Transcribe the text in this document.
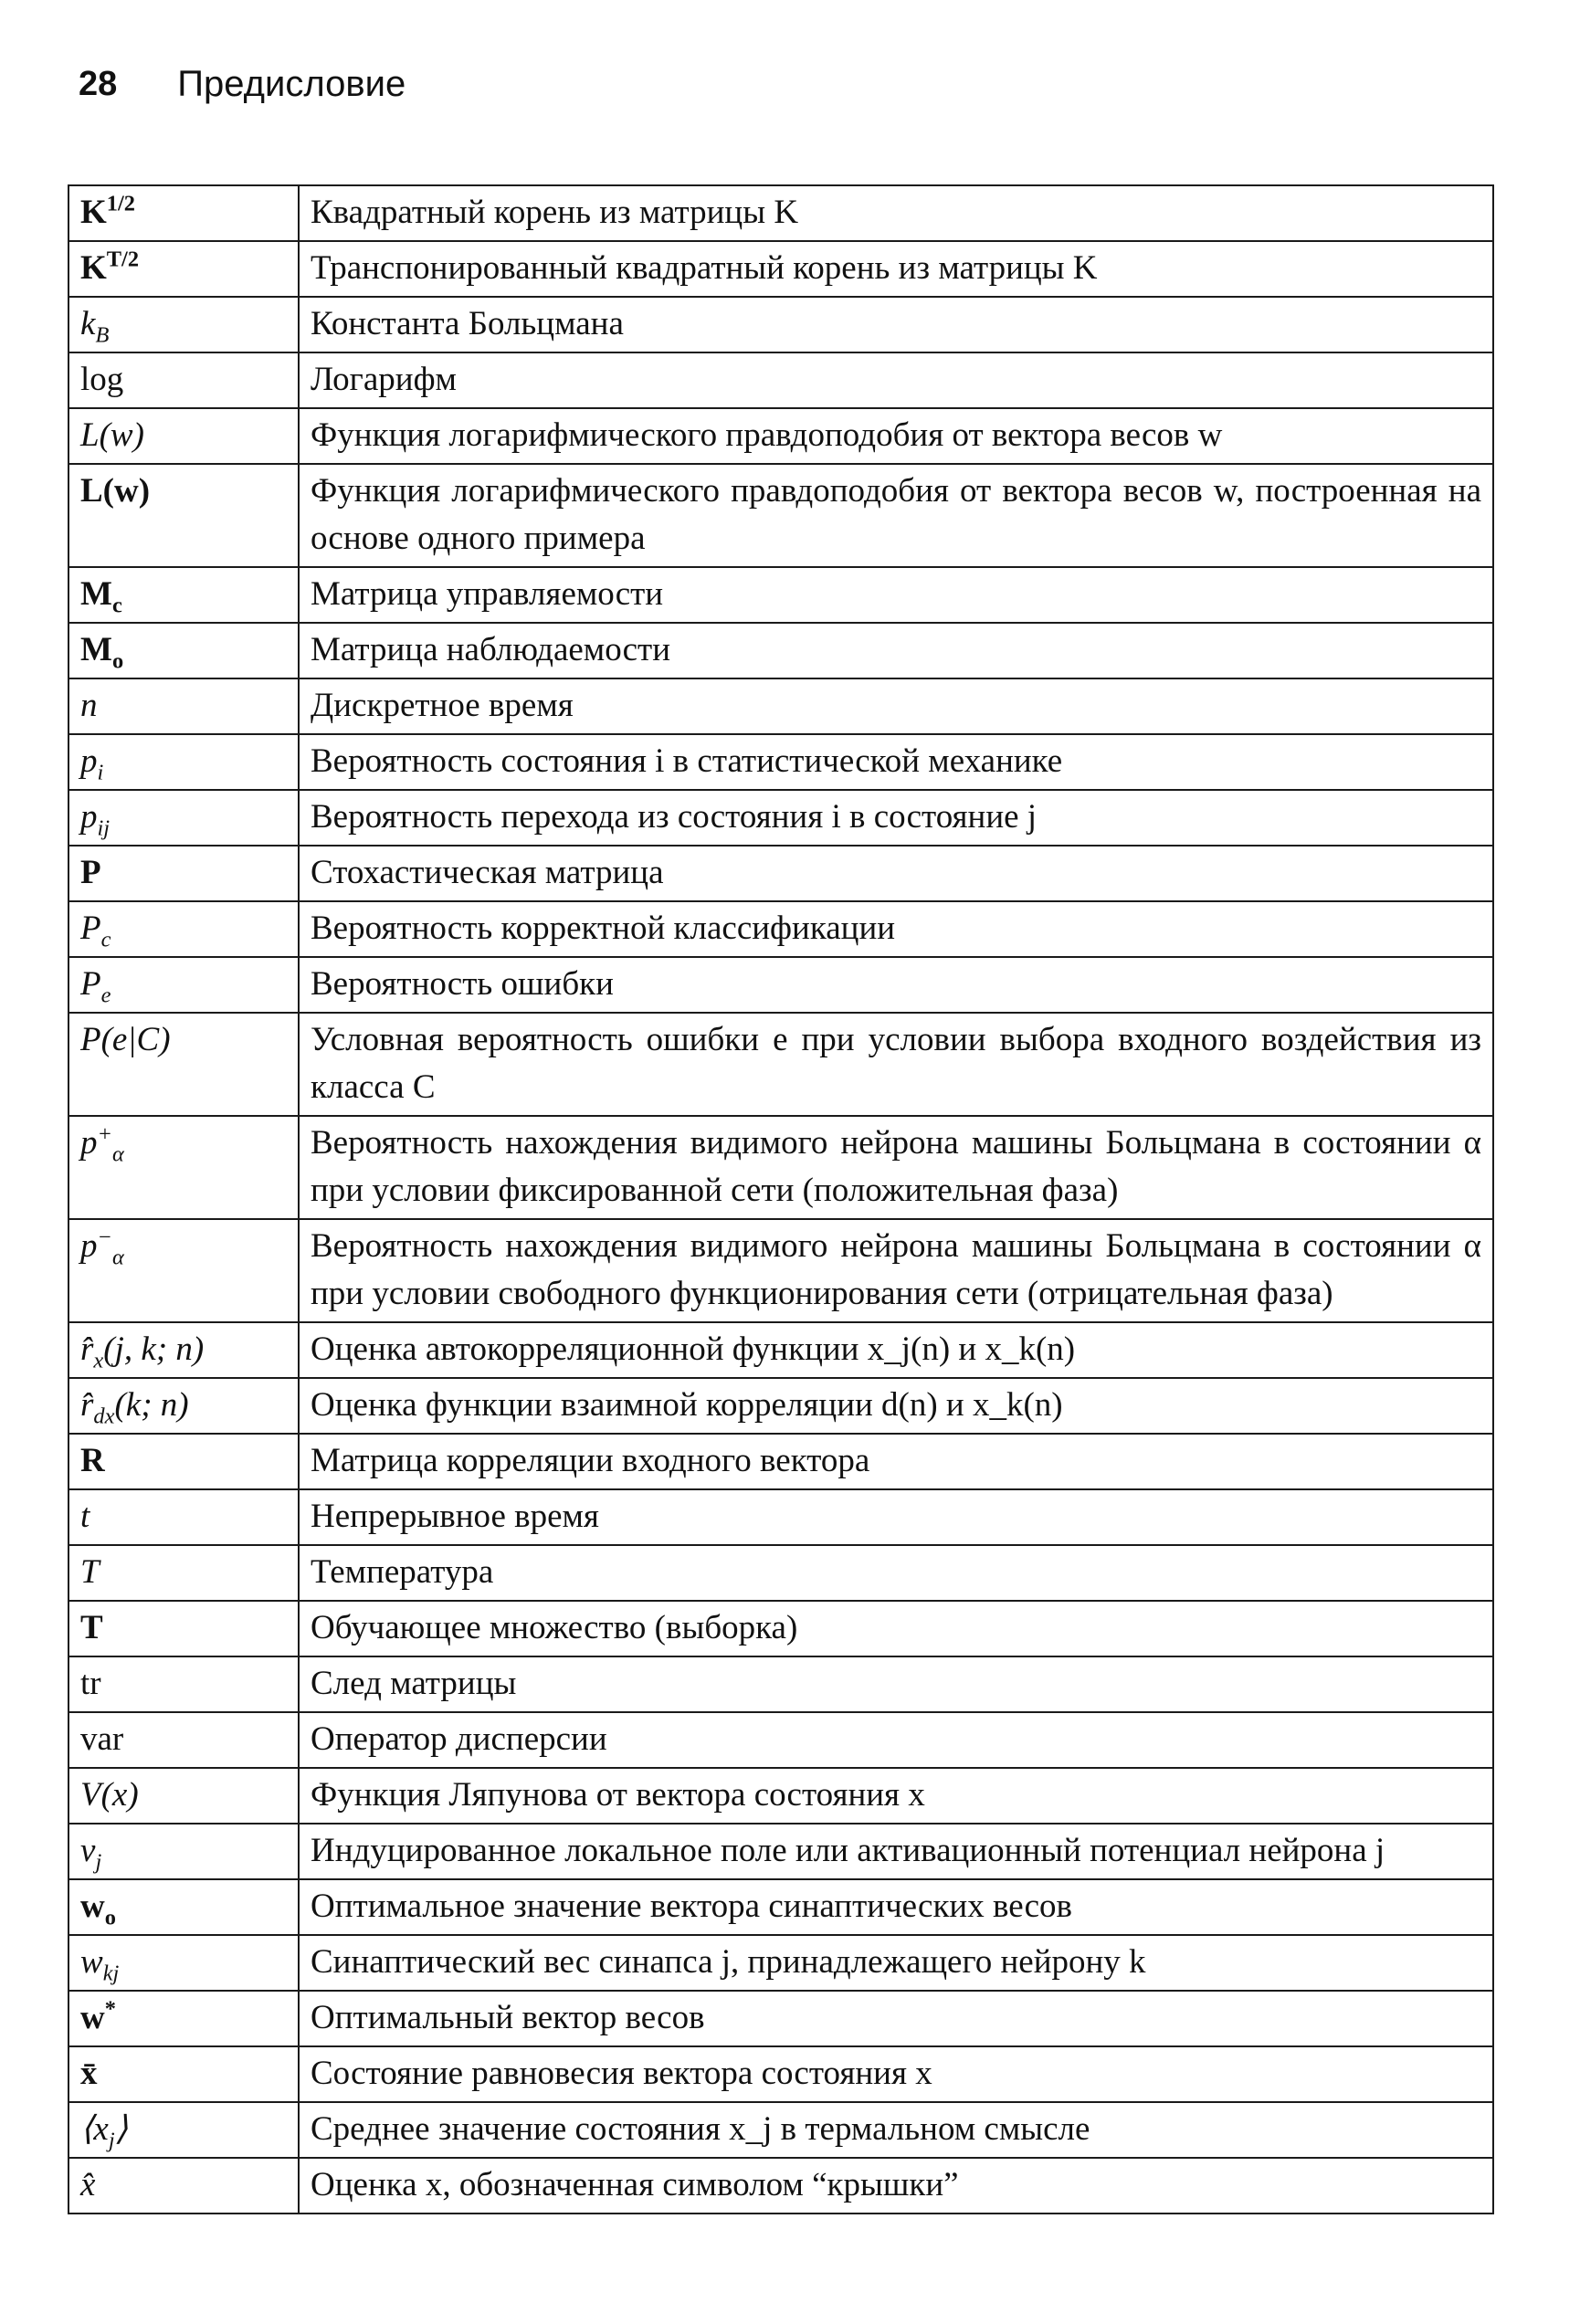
28 Предисловие
$K^{1/2}$	Квадратный корень из матрицы K
$K^{T/2}$	Транспонированный квадратный корень из матрицы K
$k_B$	Константа Больцмана
log	Логарифм
L(w)	Функция логарифмического правдоподобия от вектора весов w
L(w)	Функция логарифмического правдоподобия от вектора весов w, построенная на основе одного примера
$M_c$	Матрица управляемости
$M_o$	Матрица наблюдаемости
n	Дискретное время
$p_i$	Вероятность состояния i в статистической механике
$p_{ij}$	Вероятность перехода из состояния i в состояние j
P	Стохастическая матрица
$P_c$	Вероятность корректной классификации
$P_e$	Вероятность ошибки
P(e|C)	Условная вероятность ошибки e при условии выбора входного воздействия из класса C
$p^+_\alpha$	Вероятность нахождения видимого нейрона машины Больцмана в состоянии α при условии фиксированной сети (положительная фаза)
$p^-_\alpha$	Вероятность нахождения видимого нейрона машины Больцмана в состоянии α при условии свободного функционирования сети (отрицательная фаза)
$r̂_x(j$, k; n)	Оценка автокорреляционной функции x_j(n) и x_k(n)
$r̂_{dx}(k$; n)	Оценка функции взаимной корреляции d(n) и x_k(n)
R	Матрица корреляции входного вектора
t	Непрерывное время
T	Температура
T	Обучающее множество (выборка)
tr	След матрицы
var	Оператор дисперсии
V(x)	Функция Ляпунова от вектора состояния x
$v_j$	Индуцированное локальное поле или активационный потенциал нейрона j
$w_o$	Оптимальное значение вектора синаптических весов
$w_{kj}$	Синаптический вес синапса j, принадлежащего нейрону k
w*	Оптимальный вектор весов
x̄	Состояние равновесия вектора состояния x
$⟨x_j⟩$	Среднее значение состояния x_j в термальном смысле
x̂	Оценка x, обозначенная символом “крышки”
